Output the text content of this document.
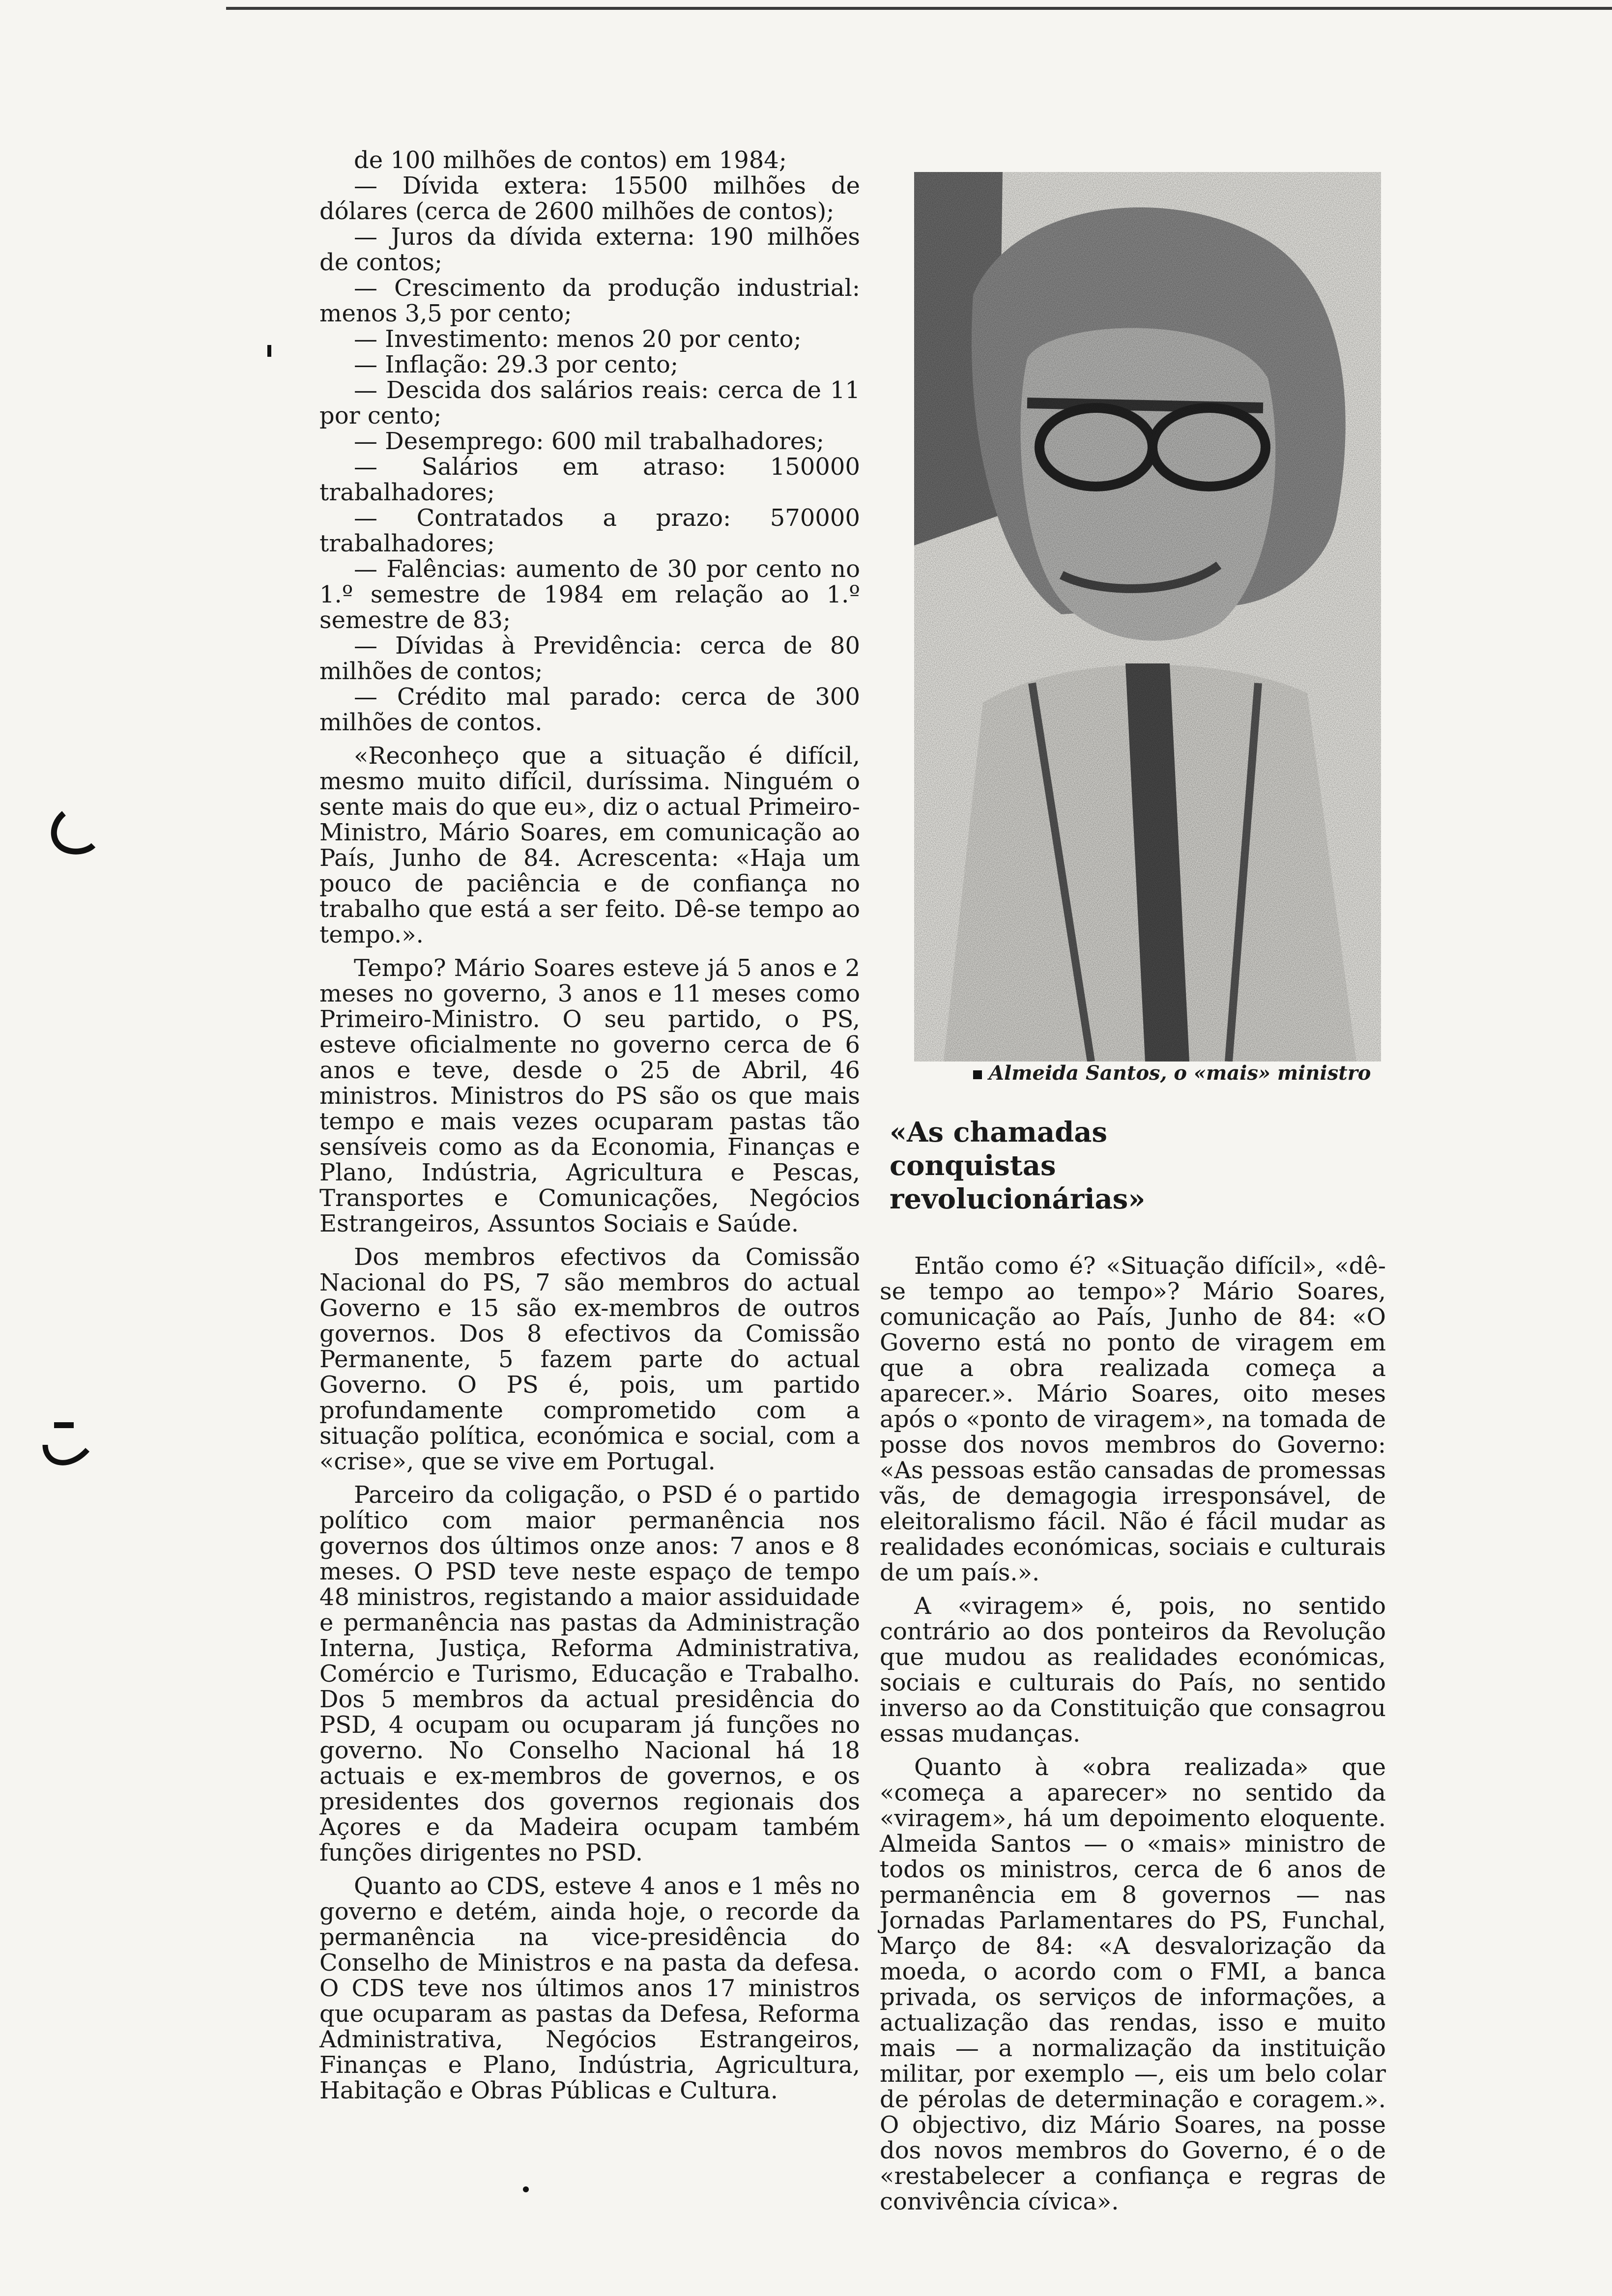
de 100 milhões de contos) em 1984;

— Dívida extera: 15500 milhões de dólares (cerca de 2600 milhões de contos);

— Juros da dívida externa: 190 milhões de contos;

— Crescimento da produção industrial: menos 3,5 por cento;

— Investimento: menos 20 por cento;

— Inflação: 29.3 por cento;

— Descida dos salários reais: cerca de 11 por cento;

— Desemprego: 600 mil trabalhadores;

— Salários em atraso: 150000 trabalhadores;

— Contratados a prazo: 570000 trabalhadores;

— Falências: aumento de 30 por cento no 1.º semestre de 1984 em relação ao 1.º semestre de 83;

— Dívidas à Previdência: cerca de 80 milhões de contos;

— Crédito mal parado: cerca de 300 milhões de contos.

«Reconheço que a situação é difícil, mesmo muito difícil, duríssima. Ninguém o sente mais do que eu», diz o actual Primeiro-Ministro, Mário Soares, em comunicação ao País, Junho de 84. Acrescenta: «Haja um pouco de paciência e de confiança no trabalho que está a ser feito. Dê-se tempo ao tempo.».

Tempo? Mário Soares esteve já 5 anos e 2 meses no governo, 3 anos e 11 meses como Primeiro-Ministro. O seu partido, o PS, esteve oficialmente no governo cerca de 6 anos e teve, desde o 25 de Abril, 46 ministros. Ministros do PS são os que mais tempo e mais vezes ocuparam pastas tão sensíveis como as da Economia, Finanças e Plano, Indústria, Agricultura e Pescas, Transportes e Comunicações, Negócios Estrangeiros, Assuntos Sociais e Saúde.

Dos membros efectivos da Comissão Nacional do PS, 7 são membros do actual Governo e 15 são ex-membros de outros governos. Dos 8 efectivos da Comissão Permanente, 5 fazem parte do actual Governo. O PS é, pois, um partido profundamente comprometido com a situação política, económica e social, com a «crise», que se vive em Portugal.

Parceiro da coligação, o PSD é o partido político com maior permanência nos governos dos últimos onze anos: 7 anos e 8 meses. O PSD teve neste espaço de tempo 48 ministros, registando a maior assiduidade e permanência nas pastas da Administração Interna, Justiça, Reforma Administrativa, Comércio e Turismo, Educação e Trabalho. Dos 5 membros da actual presidência do PSD, 4 ocupam ou ocuparam já funções no governo. No Conselho Nacional há 18 actuais e ex-membros de governos, e os presidentes dos governos regionais dos Açores e da Madeira ocupam também funções dirigentes no PSD.

Quanto ao CDS, esteve 4 anos e 1 mês no governo e detém, ainda hoje, o recorde da permanência na vice-presidência do Conselho de Ministros e na pasta da defesa. O CDS teve nos últimos anos 17 ministros que ocuparam as pastas da Defesa, Reforma Administrativa, Negócios Estrangeiros, Finanças e Plano, Indústria, Agricultura, Habitação e Obras Públicas e Cultura.

Almeida Santos, o «mais» ministro
«As chamadas conquistas revolucionárias»

Então como é? «Situação difícil», «dê-se tempo ao tempo»? Mário Soares, comunicação ao País, Junho de 84: «O Governo está no ponto de viragem em que a obra realizada começa a aparecer.». Mário Soares, oito meses após o «ponto de viragem», na tomada de posse dos novos membros do Governo: «As pessoas estão cansadas de promessas vãs, de demagogia irresponsável, de eleitoralismo fácil. Não é fácil mudar as realidades económicas, sociais e culturais de um país.».

A «viragem» é, pois, no sentido contrário ao dos ponteiros da Revolução que mudou as realidades económicas, sociais e culturais do País, no sentido inverso ao da Constituição que consagrou essas mudanças.

Quanto à «obra realizada» que «começa a aparecer» no sentido da «viragem», há um depoimento eloquente. Almeida Santos — o «mais» ministro de todos os ministros, cerca de 6 anos de permanência em 8 governos — nas Jornadas Parlamentares do PS, Funchal, Março de 84: «A desvalorização da moeda, o acordo com o FMI, a banca privada, os serviços de informações, a actualização das rendas, isso e muito mais — a normalização da instituição militar, por exemplo —, eis um belo colar de pérolas de determinação e coragem.». O objectivo, diz Mário Soares, na posse dos novos membros do Governo, é o de «restabelecer a confiança e regras de convivência cívica».
